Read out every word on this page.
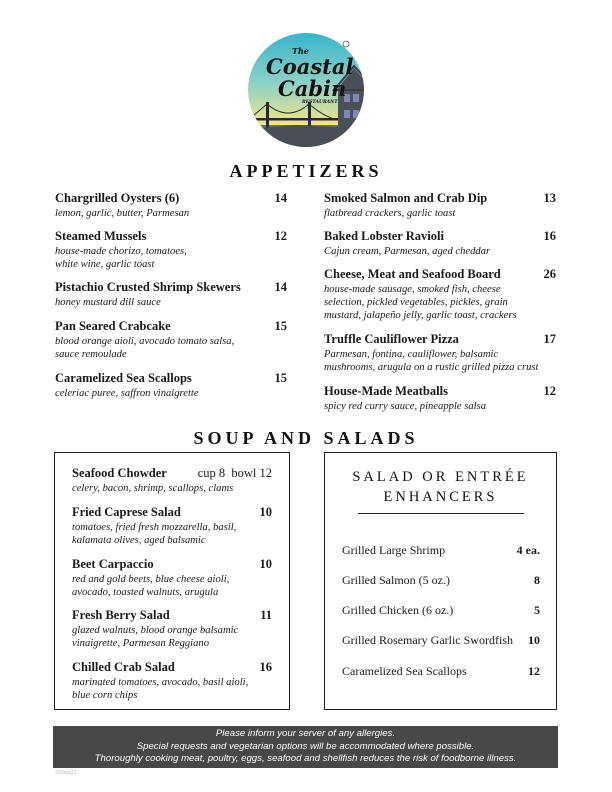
The
Coastal
Cabin
RESTAURANT
APPETIZERS
Chargrilled Oysters (6)	14
lemon, garlic, butter, Parmesan
Steamed Mussels	12
house-made chorizo, tomatoes,
white wine, garlic toast
Pistachio Crusted Shrimp Skewers	14
honey mustard dill sauce
Pan Seared Crabcake	15
blood orange aioli, avocado tomato salsa,
sauce remoulade
Caramelized Sea Scallops	15
celeriac puree, saffron vinaigrette
Smoked Salmon and Crab Dip	13
flatbread crackers, garlic toast
Baked Lobster Ravioli	16
Cajun cream, Parmesan, aged cheddar
Cheese, Meat and Seafood Board	26
house-made sausage, smoked fish, cheese
selection, pickled vegetables, pickles, grain
mustard, jalapeño jelly, garlic toast, crackers
Truffle Cauliflower Pizza	17
Parmesan, fontina, cauliflower, balsamic
mushrooms, arugula on a rustic grilled pizza crust
House-Made Meatballs	12
spicy red curry sauce, pineapple salsa
SOUP AND SALADS
Seafood Chowder cup 8  bowl 12
celery, bacon, shrimp, scallops, clams
Fried Caprese Salad	10
tomatoes, fried fresh mozzarella, basil,
kalamata olives, aged balsamic
Beet Carpaccio	10
red and gold beets, blue cheese aioli,
avocado, toasted walnuts, arugula
Fresh Berry Salad	11
glazed walnuts, blood orange balsamic
vinaigrette, Parmesan Reggiano
Chilled Crab Salad	16
marinated tomatoes, avocado, basil aioli,
blue corn chips
SALAD OR ENTRÉE
ENHANCERS
Grilled Large Shrimp	4 ea.
Grilled Salmon (5 oz.)	8
Grilled Chicken (6 oz.)	5
Grilled Rosemary Garlic Swordfish 10
Caramelized Sea Scallops	12
Please inform your server of any allergies.
Special requests and vegetarian options will be accommodated where possible.
Thoroughly cooking meat, poultry, eggs, seafood and shellfish reduces the risk of foodborne illness.
20Sept21
